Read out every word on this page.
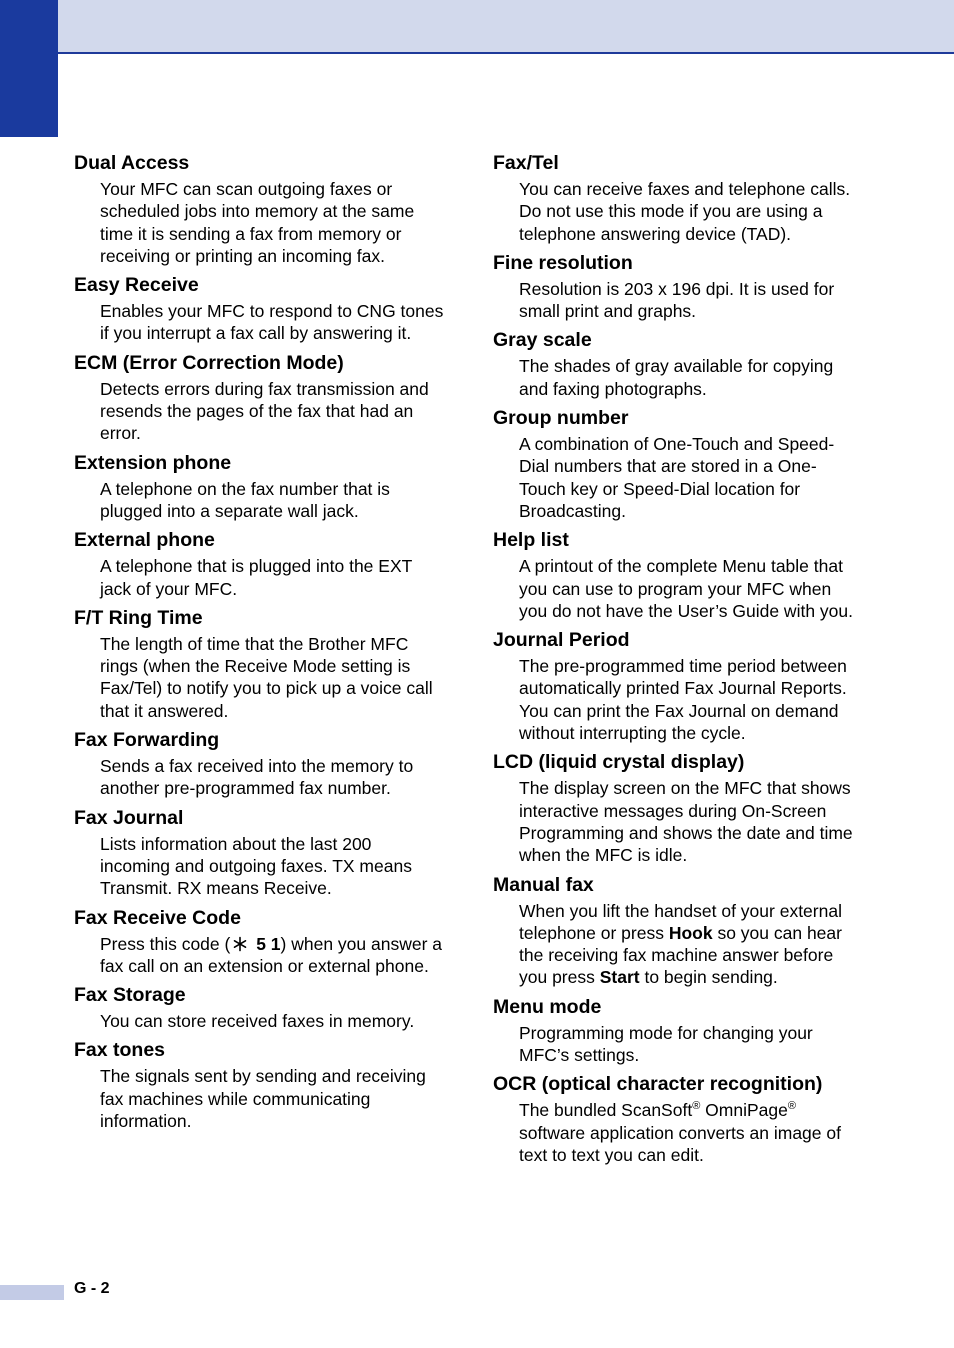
Dual Access

Your MFC can scan outgoing faxes or scheduled jobs into memory at the same time it is sending a fax from memory or receiving or printing an incoming fax.

Easy Receive

Enables your MFC to respond to CNG tones if you interrupt a fax call by answering it.

ECM (Error Correction Mode)

Detects errors during fax transmission and resends the pages of the fax that had an error.

Extension phone

A telephone on the fax number that is plugged into a separate wall jack.

External phone

A telephone that is plugged into the EXT jack of your MFC.

F/T Ring Time

The length of time that the Brother MFC rings (when the Receive Mode setting is Fax/Tel) to notify you to pick up a voice call that it answered.

Fax Forwarding

Sends a fax received into the memory to another pre-programmed fax number.

Fax Journal

Lists information about the last 200 incoming and outgoing faxes. TX means Transmit. RX means Receive.

Fax Receive Code

Press this code ( 5 1) when you answer a fax call on an extension or external phone.

Fax Storage

You can store received faxes in memory.

Fax tones

The signals sent by sending and receiving fax machines while communicating information.

Fax/Tel

You can receive faxes and telephone calls. Do not use this mode if you are using a telephone answering device (TAD).

Fine resolution

Resolution is 203 x 196 dpi. It is used for small print and graphs.

Gray scale

The shades of gray available for copying and faxing photographs.

Group number

A combination of One-Touch and Speed-Dial numbers that are stored in a One-Touch key or Speed-Dial location for Broadcasting.

Help list

A printout of the complete Menu table that you can use to program your MFC when you do not have the User’s Guide with you.

Journal Period

The pre-programmed time period between automatically printed Fax Journal Reports. You can print the Fax Journal on demand without interrupting the cycle.

LCD (liquid crystal display)

The display screen on the MFC that shows interactive messages during On-Screen Programming and shows the date and time when the MFC is idle.

Manual fax

When you lift the handset of your external telephone or press Hook so you can hear the receiving fax machine answer before you press Start to begin sending.

Menu mode

Programming mode for changing your MFC’s settings.

OCR (optical character recognition)

The bundled ScanSoft® OmniPage®
software application converts an image of text to text you can edit.

G - 2
